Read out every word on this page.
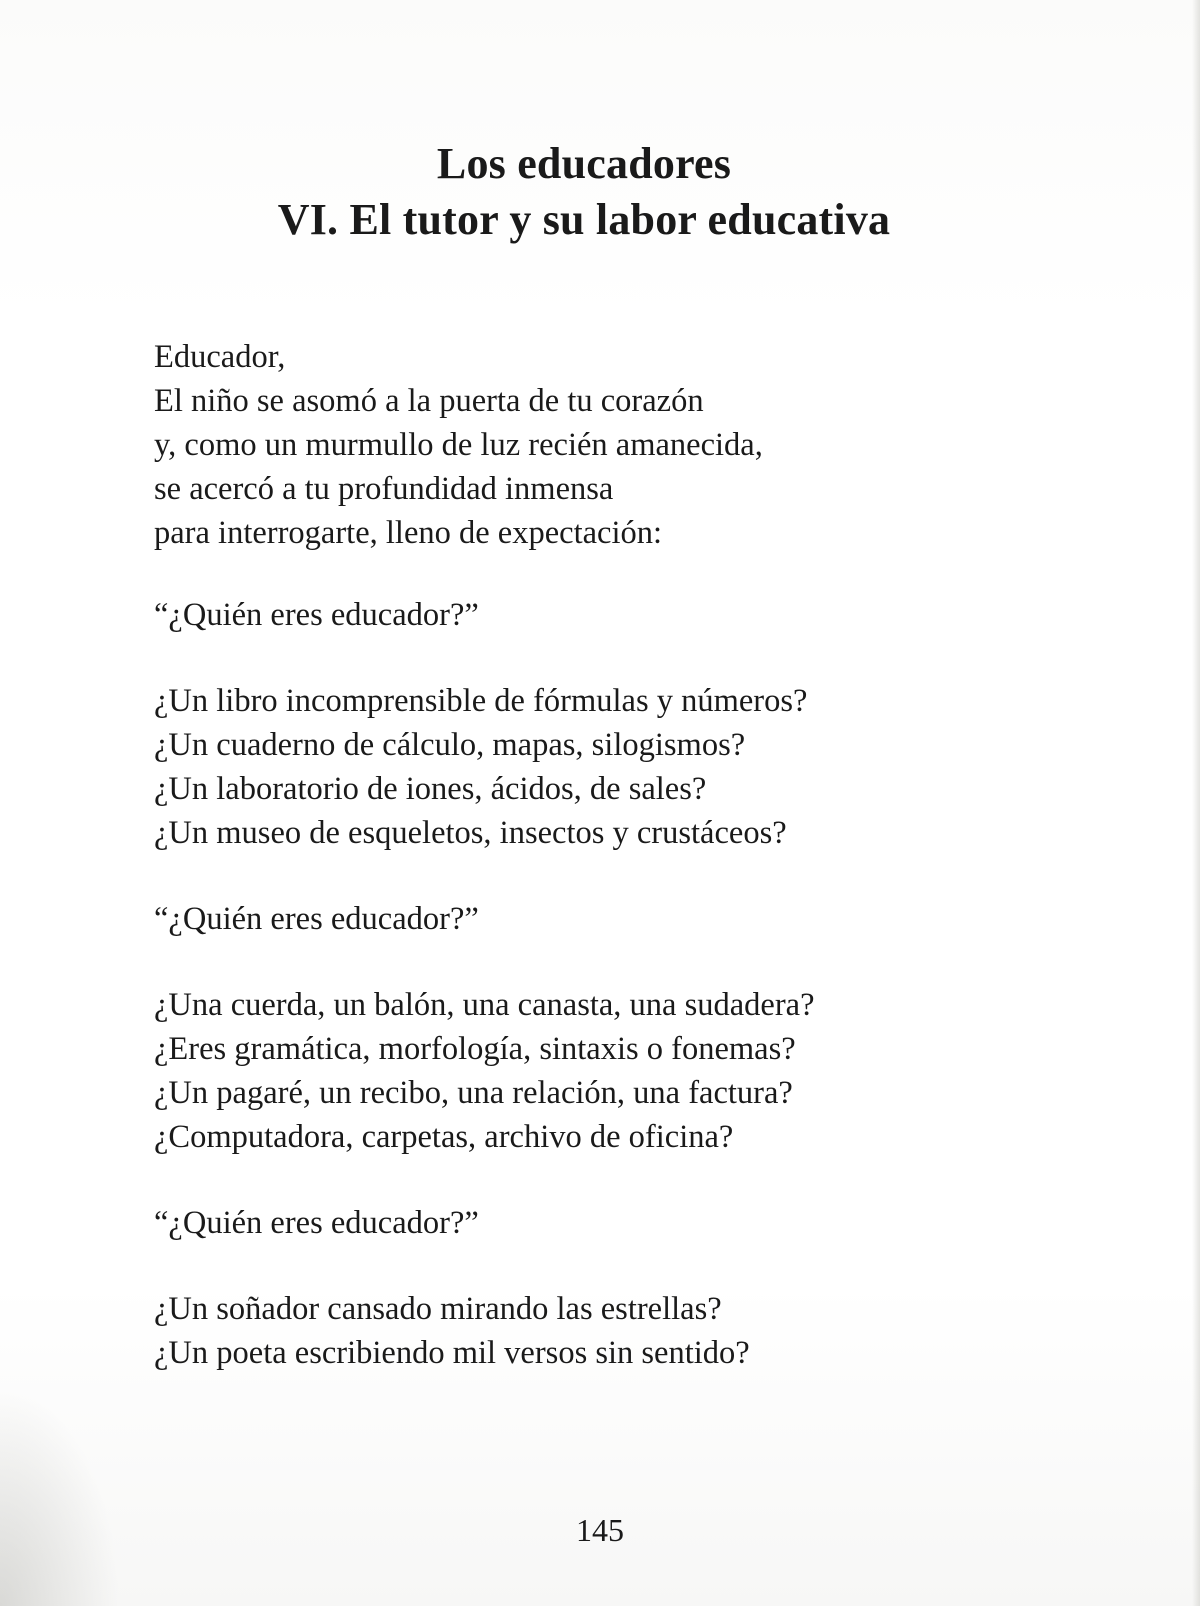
Los educadores
VI. El tutor y su labor educativa
Educador,
El niño se asomó a la puerta de tu corazón
y, como un murmullo de luz recién amanecida,
se acercó a tu profundidad inmensa
para interrogarte, lleno de expectación:
“¿Quién eres educador?”
¿Un libro incomprensible de fórmulas y números?
¿Un cuaderno de cálculo, mapas, silogismos?
¿Un laboratorio de iones, ácidos, de sales?
¿Un museo de esqueletos, insectos y crustáceos?
“¿Quién eres educador?”
¿Una cuerda, un balón, una canasta, una sudadera?
¿Eres gramática, morfología, sintaxis o fonemas?
¿Un pagaré, un recibo, una relación, una factura?
¿Computadora, carpetas, archivo de oficina?
“¿Quién eres educador?”
¿Un soñador cansado mirando las estrellas?
¿Un poeta escribiendo mil versos sin sentido?
145
